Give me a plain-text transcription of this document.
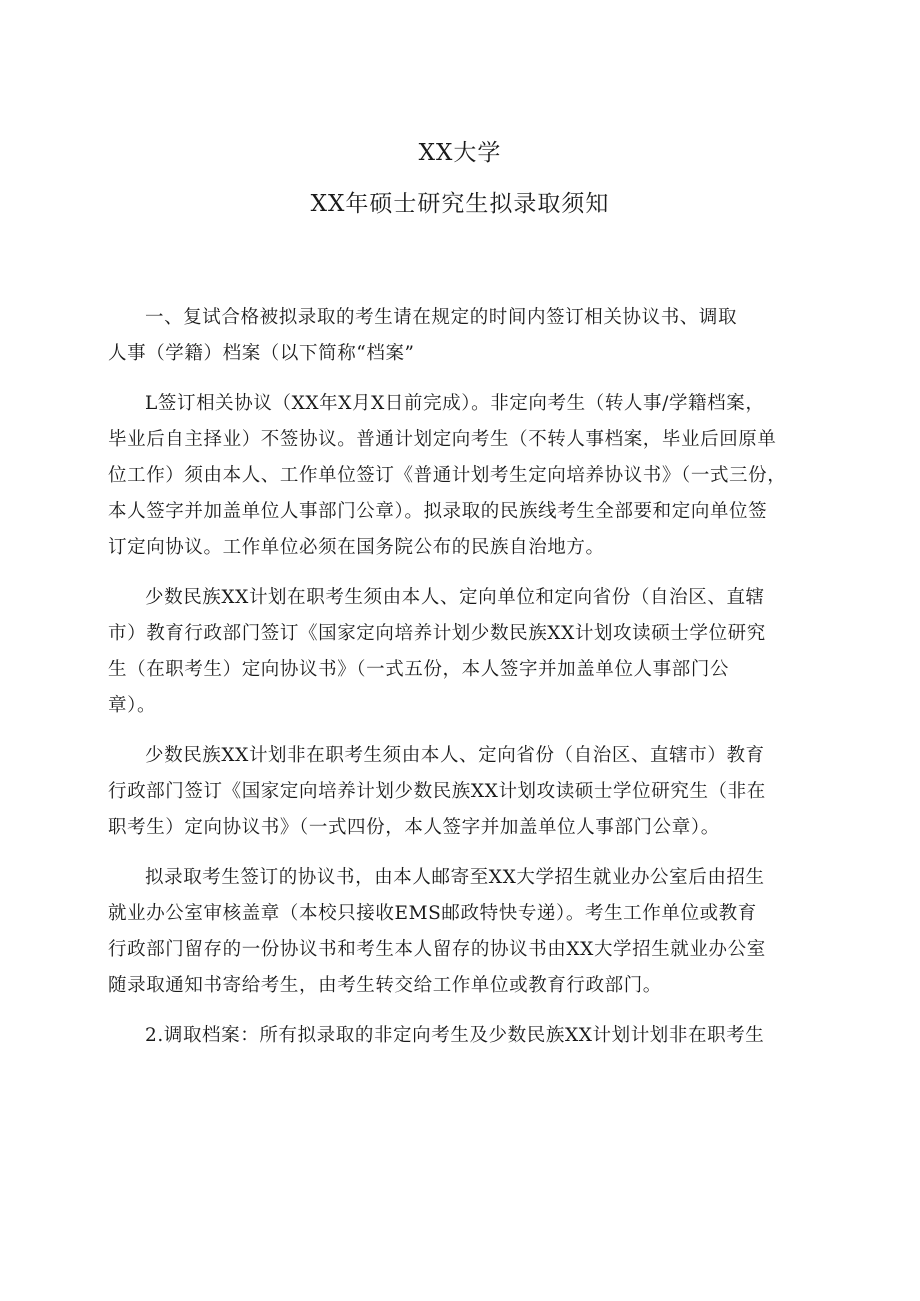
XX大学
XX年硕士研究生拟录取须知

一、复试合格被拟录取的考生请在规定的时间内签订相关协议书、调取
人事（学籍）档案（以下简称“档案”

L签订相关协议（XX年X月X日前完成）。非定向考生（转人事/学籍档案，
毕业后自主择业）不签协议。普通计划定向考生（不转人事档案，毕业后回原单
位工作）须由本人、工作单位签订《普通计划考生定向培养协议书》（一式三份，
本人签字并加盖单位人事部门公章）。拟录取的民族线考生全部要和定向单位签
订定向协议。工作单位必须在国务院公布的民族自治地方。

少数民族XX计划在职考生须由本人、定向单位和定向省份（自治区、直辖
市）教育行政部门签订《国家定向培养计划少数民族XX计划攻读硕士学位研究
生（在职考生）定向协议书》（一式五份，本人签字并加盖单位人事部门公
章）。

少数民族XX计划非在职考生须由本人、定向省份（自治区、直辖市）教育
行政部门签订《国家定向培养计划少数民族XX计划攻读硕士学位研究生（非在
职考生）定向协议书》（一式四份，本人签字并加盖单位人事部门公章）。

拟录取考生签订的协议书，由本人邮寄至XX大学招生就业办公室后由招生
就业办公室审核盖章（本校只接收EMS邮政特快专递）。考生工作单位或教育
行政部门留存的一份协议书和考生本人留存的协议书由XX大学招生就业办公室
随录取通知书寄给考生，由考生转交给工作单位或教育行政部门。

2.调取档案：所有拟录取的非定向考生及少数民族XX计划计划非在职考生
